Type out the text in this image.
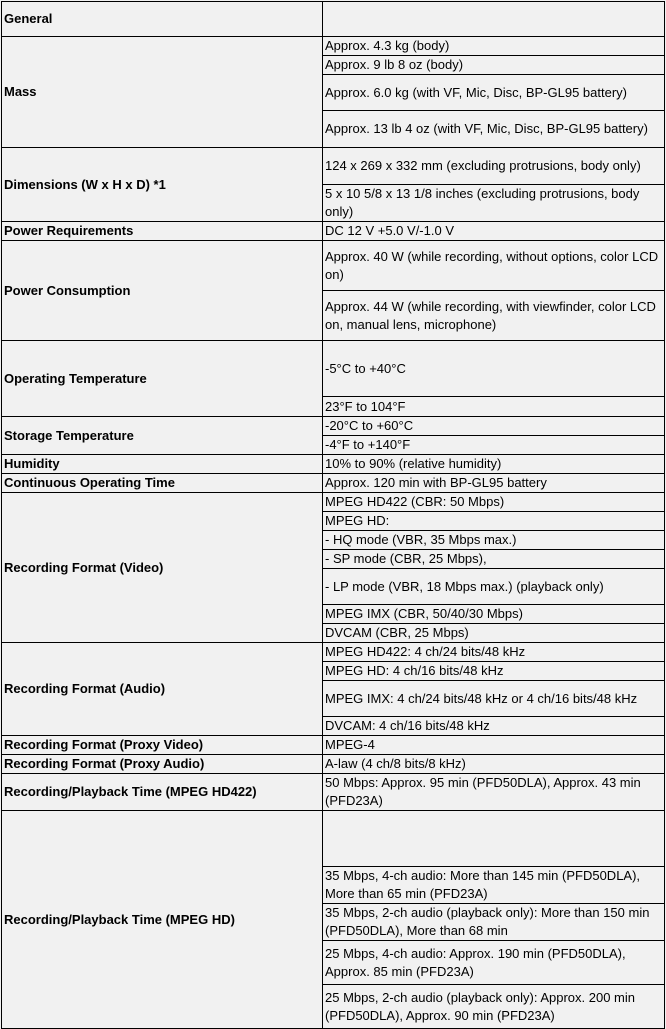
General	
Mass	Approx. 4.3 kg (body)
	Approx. 9 lb 8 oz (body)
	Approx. 6.0 kg (with VF, Mic, Disc, BP-GL95 battery)
	Approx. 13 lb 4 oz (with VF, Mic, Disc, BP-GL95 battery)
Dimensions (W x H x D) *1	124 x 269 x 332 mm (excluding protrusions, body only)
	5 x 10 5/8 x 13 1/8 inches (excluding protrusions, body only)
Power Requirements	DC 12 V +5.0 V/-1.0 V
Power Consumption	Approx. 40 W (while recording, without options, color LCD on)
	Approx. 44 W (while recording, with viewfinder, color LCD on, manual lens, microphone)
Operating Temperature	-5°C to +40°C
	23°F to 104°F
Storage Temperature	-20°C to +60°C
	-4°F to +140°F
Humidity	10% to 90% (relative humidity)
Continuous Operating Time	Approx. 120 min with BP-GL95 battery
Recording Format (Video)	MPEG HD422 (CBR: 50 Mbps)
	MPEG HD:
	- HQ mode (VBR, 35 Mbps max.)
	- SP mode (CBR, 25 Mbps),
	- LP mode (VBR, 18 Mbps max.) (playback only)
	MPEG IMX (CBR, 50/40/30 Mbps)
	DVCAM (CBR, 25 Mbps)
Recording Format (Audio)	MPEG HD422: 4 ch/24 bits/48 kHz
	MPEG HD: 4 ch/16 bits/48 kHz
	MPEG IMX: 4 ch/24 bits/48 kHz or 4 ch/16 bits/48 kHz
	DVCAM: 4 ch/16 bits/48 kHz
Recording Format (Proxy Video)	MPEG-4
Recording Format (Proxy Audio)	A-law (4 ch/8 bits/8 kHz)
Recording/Playback Time (MPEG HD422)	50 Mbps: Approx. 95 min (PFD50DLA), Approx. 43 min (PFD23A)
Recording/Playback Time (MPEG HD)	
	35 Mbps, 4-ch audio: More than 145 min (PFD50DLA), More than 65 min (PFD23A)
	35 Mbps, 2-ch audio (playback only): More than 150 min (PFD50DLA), More than 68 min
	25 Mbps, 4-ch audio: Approx. 190 min (PFD50DLA), Approx. 85 min (PFD23A)
	25 Mbps, 2-ch audio (playback only): Approx. 200 min (PFD50DLA), Approx. 90 min (PFD23A)
